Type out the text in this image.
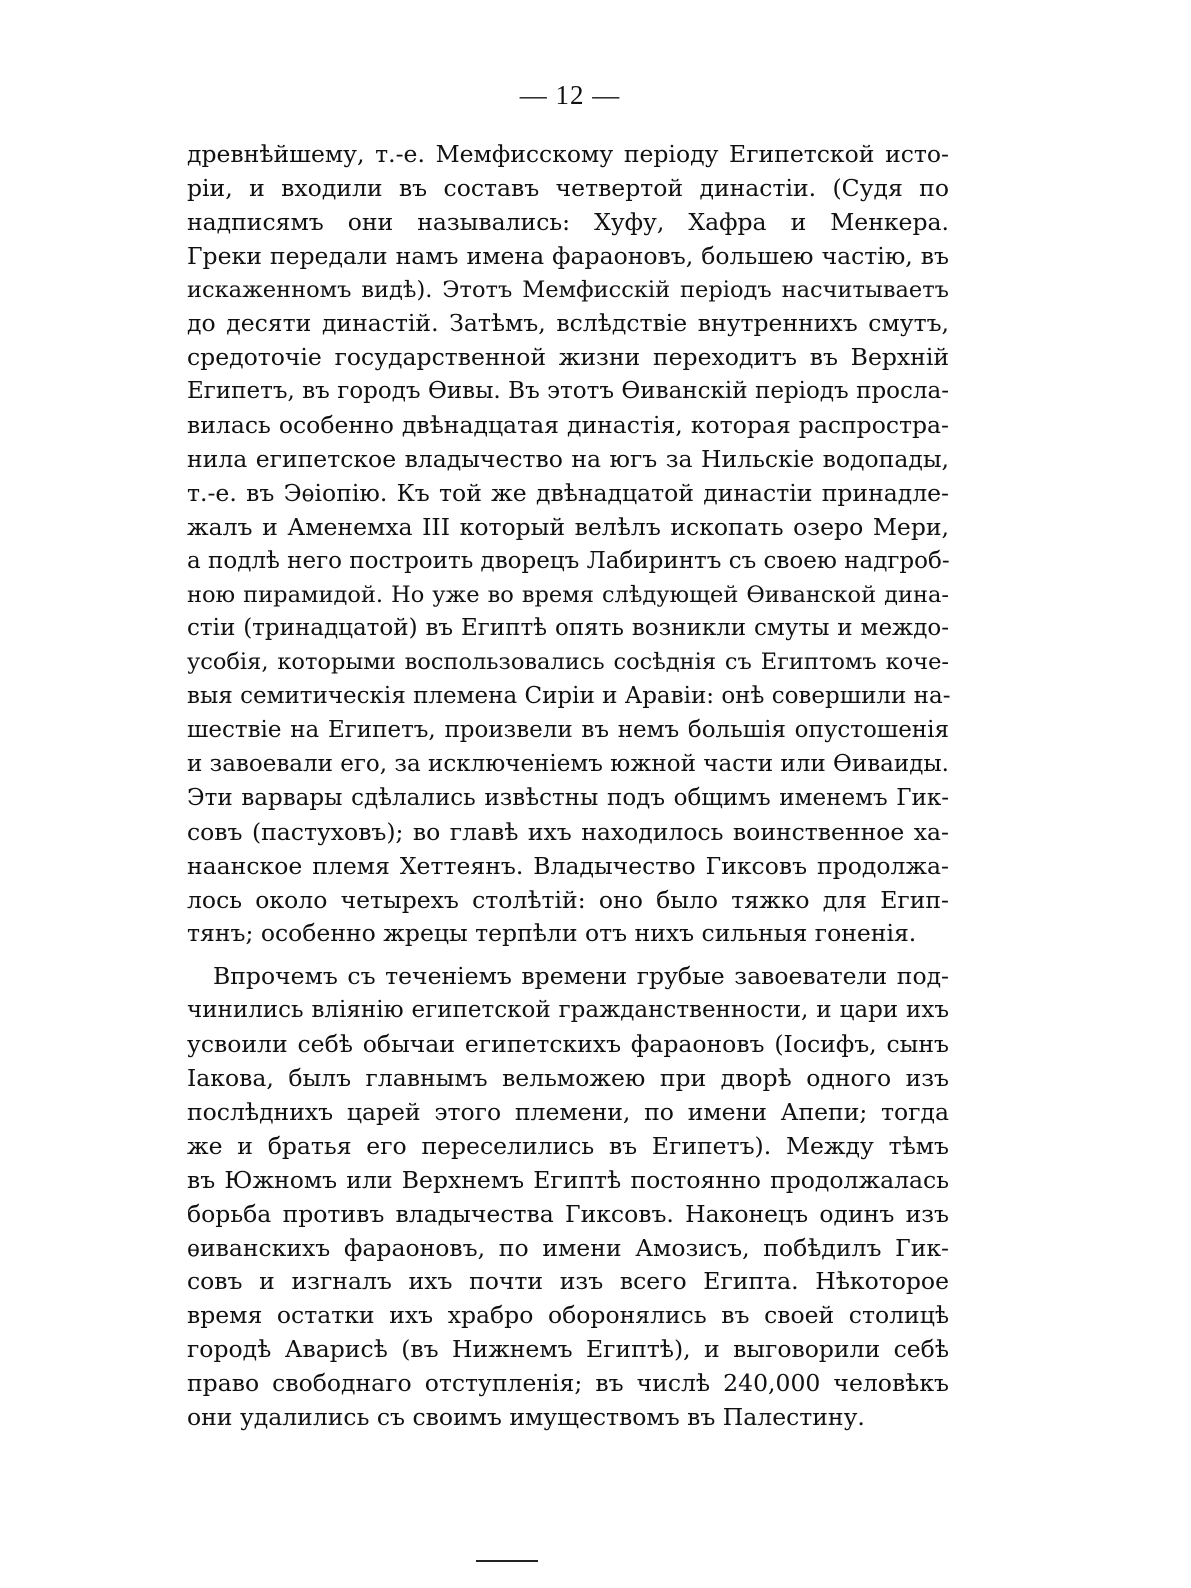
— 12 —
древнѣйшему, т.-е. Мемфисскому періоду Египетской исто-
ріи, и входили въ составъ четвертой династіи. (Судя по
надписямъ они назывались: Хуфу, Хафра и Менкера.
Греки передали намъ имена фараоновъ, большею частію, въ
искаженномъ видѣ). Этотъ Мемфисскій періодъ насчитываетъ
до десяти династій. Затѣмъ, вслѣдствіе внутреннихъ смутъ,
средоточіе государственной жизни переходитъ въ Верхній
Египетъ, въ городъ Ѳивы. Въ этотъ Ѳиванскій періодъ просла-
вилась особенно двѣнадцатая династія, которая распростра-
нила египетское владычество на югъ за Нильскіе водопады,
т.-е. въ Эѳіопію. Къ той же двѣнадцатой династіи принадле-
жалъ и Аменемха III который велѣлъ ископать озеро Мери,
а подлѣ него построить дворецъ Лабиринтъ съ своею надгроб-
ною пирамидой. Но уже во время слѣдующей Ѳиванской дина-
стіи (тринадцатой) въ Египтѣ опять возникли смуты и междо-
усобія, которыми воспользовались сосѣднія съ Египтомъ коче-
выя семитическія племена Сиріи и Аравіи: онѣ совершили на-
шествіе на Египетъ, произвели въ немъ большія опустошенія
и завоевали его, за исключеніемъ южной части или Ѳиваиды.
Эти варвары сдѣлались извѣстны подъ общимъ именемъ Гик-
совъ (пастуховъ); во главѣ ихъ находилось воинственное ха-
наанское племя Хеттеянъ. Владычество Гиксовъ продолжа-
лось около четырехъ столѣтій: оно было тяжко для Егип-
тянъ; особенно жрецы терпѣли отъ нихъ сильныя гоненія.
Впрочемъ съ теченіемъ времени грубые завоеватели под-
чинились вліянію египетской гражданственности, и цари ихъ
усвоили себѣ обычаи египетскихъ фараоновъ (Іосифъ, сынъ
Іакова, былъ главнымъ вельможею при дворѣ одного изъ
послѣднихъ царей этого племени, по имени Апепи; тогда
же и братья его переселились въ Египетъ). Между тѣмъ
въ Южномъ или Верхнемъ Египтѣ постоянно продолжалась
борьба противъ владычества Гиксовъ. Наконецъ одинъ изъ
ѳиванскихъ фараоновъ, по имени Амозисъ, побѣдилъ Гик-
совъ и изгналъ ихъ почти изъ всего Египта. Нѣкоторое
время остатки ихъ храбро оборонялись въ своей столицѣ
городѣ Аварисѣ (въ Нижнемъ Египтѣ), и выговорили себѣ
право свободнаго отступленія; въ числѣ 240,000 человѣкъ
они удалились съ своимъ имуществомъ въ Палестину.
